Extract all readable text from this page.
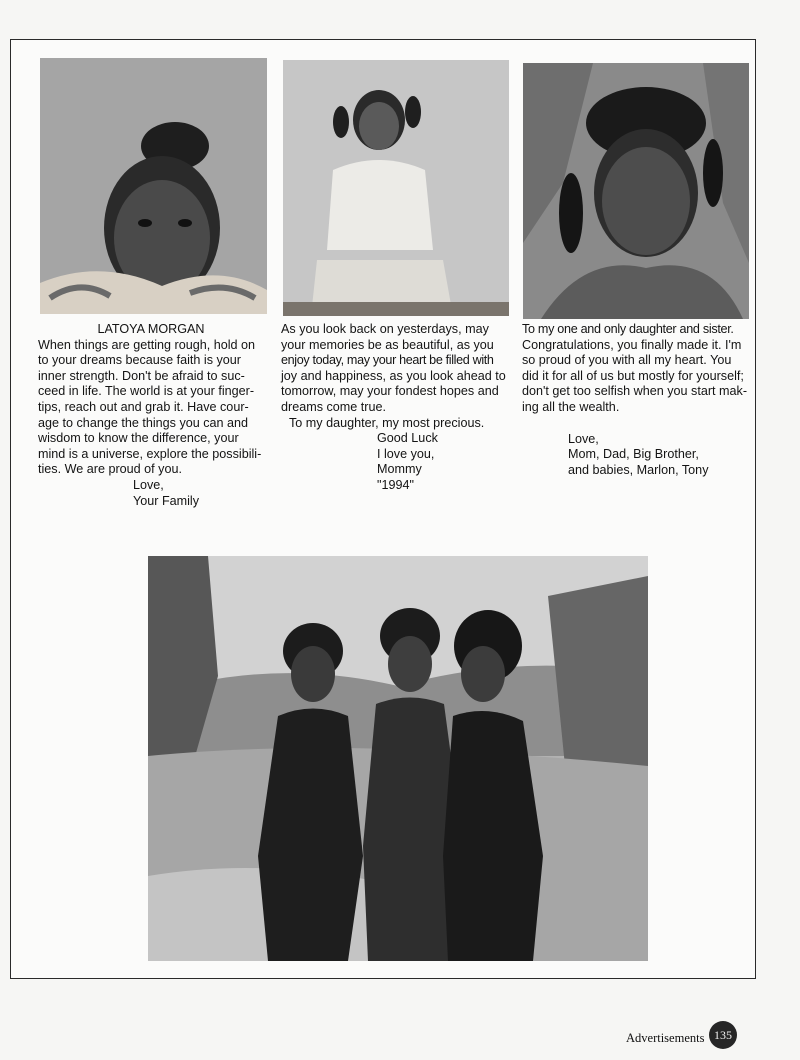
LATOYA MORGAN

When things are getting rough, hold on

to your dreams because faith is your

inner strength. Don't be afraid to suc-

ceed in life. The world is at your finger-

tips, reach out and grab it. Have cour-

age to change the things you can and

wisdom to know the difference, your

mind is a universe, explore the possibili-

ties. We are proud of you.

Love,

Your Family

As you look back on yesterdays, may

your memories be as beautiful, as you

enjoy today, may your heart be filled with

joy and happiness, as you look ahead to

tomorrow, may your fondest hopes and

dreams come true.

To my daughter, my most precious.

Good Luck

I love you,

Mommy

"1994"

To my one and only daughter and sister.

Congratulations, you finally made it. I'm

so proud of you with all my heart. You

did it for all of us but mostly for yourself;

don't get too selfish when you start mak-

ing all the wealth.

Love,

Mom, Dad, Big Brother,

and babies, Marlon, Tony

Advertisements 135
